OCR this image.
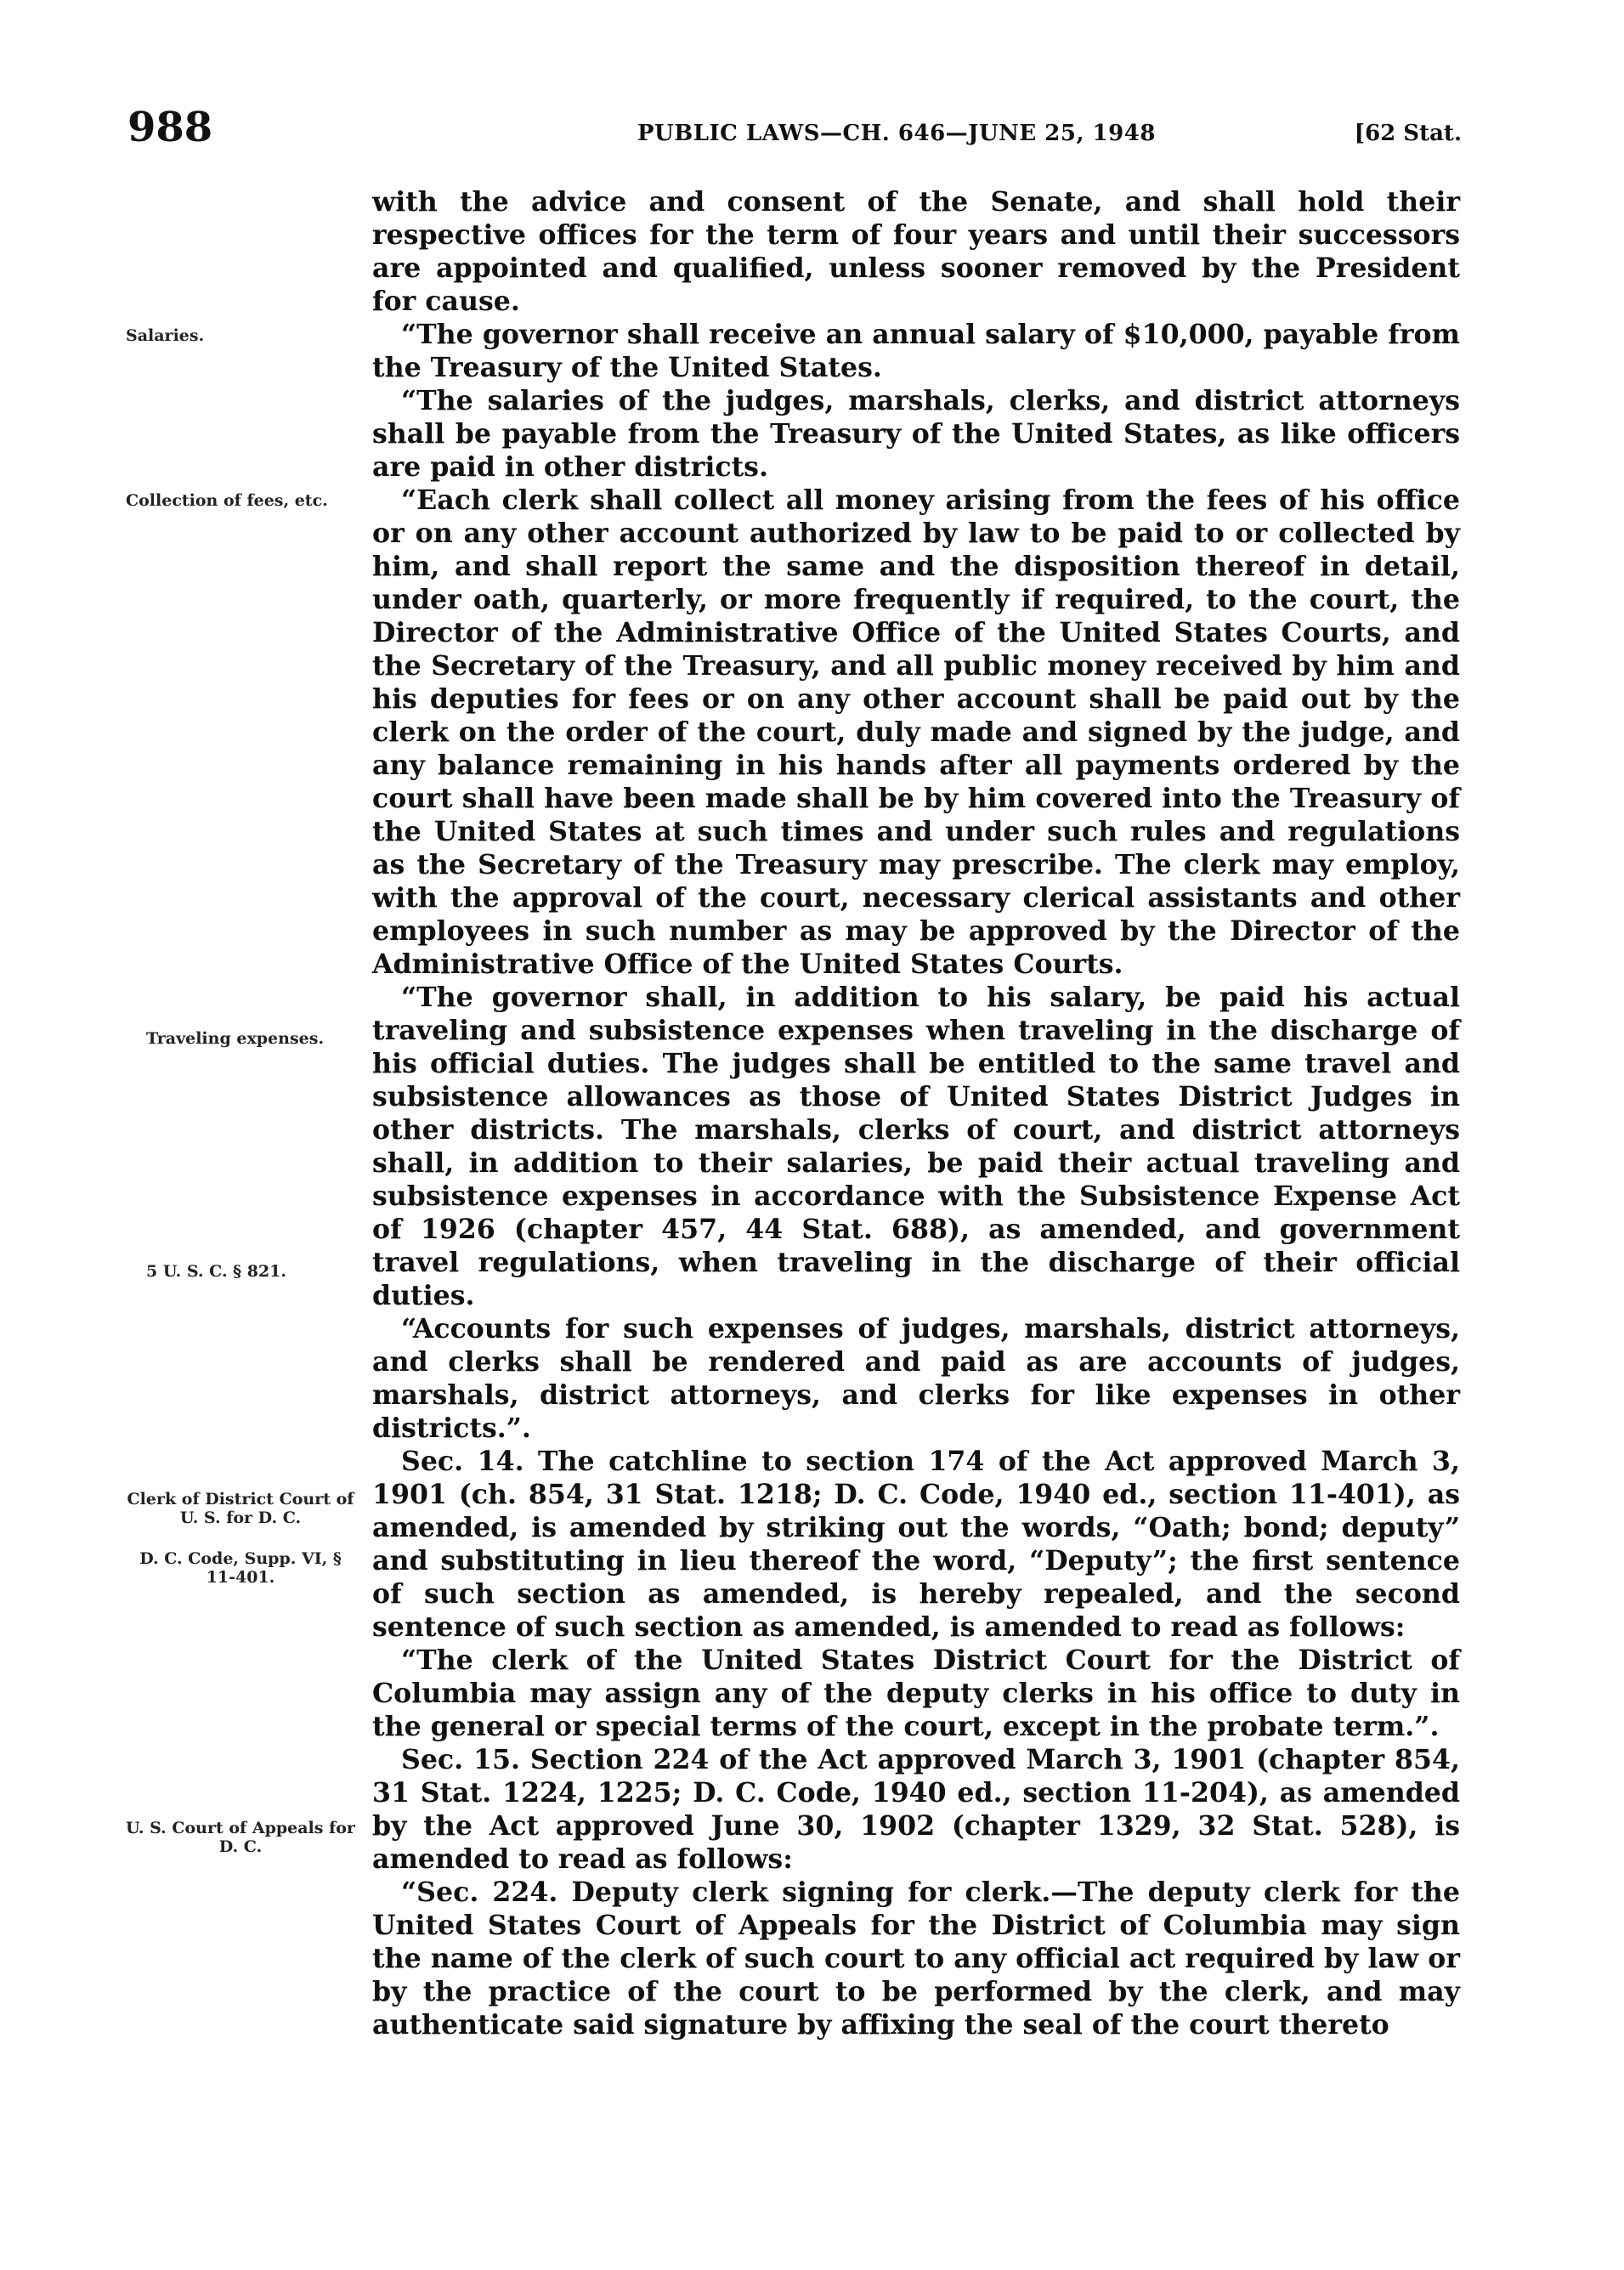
988	PUBLIC LAWS—CH. 646—JUNE 25, 1948	[62 Stat.
Salaries.
Collection of fees, etc.
Traveling expenses.
5 U. S. C. § 821.
Clerk of District Court of U. S. for D. C.
D. C. Code, Supp. VI, § 11-401.
U. S. Court of Appeals for D. C.

with the advice and consent of the Senate, and shall hold their respective offices for the term of four years and until their successors are appointed and qualified, unless sooner removed by the President for cause.

“The governor shall receive an annual salary of $10,000, payable from the Treasury of the United States.

“The salaries of the judges, marshals, clerks, and district attorneys shall be payable from the Treasury of the United States, as like officers are paid in other districts.

“Each clerk shall collect all money arising from the fees of his office or on any other account authorized by law to be paid to or collected by him, and shall report the same and the disposition thereof in detail, under oath, quarterly, or more frequently if required, to the court, the Director of the Administrative Office of the United States Courts, and the Secretary of the Treasury, and all public money received by him and his deputies for fees or on any other account shall be paid out by the clerk on the order of the court, duly made and signed by the judge, and any balance remaining in his hands after all payments ordered by the court shall have been made shall be by him covered into the Treasury of the United States at such times and under such rules and regulations as the Secretary of the Treasury may prescribe. The clerk may employ, with the approval of the court, necessary clerical assistants and other employees in such number as may be approved by the Director of the Administrative Office of the United States Courts.

“The governor shall, in addition to his salary, be paid his actual traveling and subsistence expenses when traveling in the discharge of his official duties. The judges shall be entitled to the same travel and subsistence allowances as those of United States District Judges in other districts. The marshals, clerks of court, and district attorneys shall, in addition to their salaries, be paid their actual traveling and subsistence expenses in accordance with the Subsistence Expense Act of 1926 (chapter 457, 44 Stat. 688), as amended, and government travel regulations, when traveling in the discharge of their official duties.

“Accounts for such expenses of judges, marshals, district attorneys, and clerks shall be rendered and paid as are accounts of judges, marshals, district attorneys, and clerks for like expenses in other districts.”.

Sec. 14. The catchline to section 174 of the Act approved March 3, 1901 (ch. 854, 31 Stat. 1218; D. C. Code, 1940 ed., section 11-401), as amended, is amended by striking out the words, “Oath; bond; deputy” and substituting in lieu thereof the word, “Deputy”; the first sentence of such section as amended, is hereby repealed, and the second sentence of such section as amended, is amended to read as follows:

“The clerk of the United States District Court for the District of Columbia may assign any of the deputy clerks in his office to duty in the general or special terms of the court, except in the probate term.”.

Sec. 15. Section 224 of the Act approved March 3, 1901 (chapter 854, 31 Stat. 1224, 1225; D. C. Code, 1940 ed., section 11-204), as amended by the Act approved June 30, 1902 (chapter 1329, 32 Stat. 528), is amended to read as follows:

“Sec. 224. Deputy clerk signing for clerk.—The deputy clerk for the United States Court of Appeals for the District of Columbia may sign the name of the clerk of such court to any official act required by law or by the practice of the court to be performed by the clerk, and may authenticate said signature by affixing the seal of the court thereto
